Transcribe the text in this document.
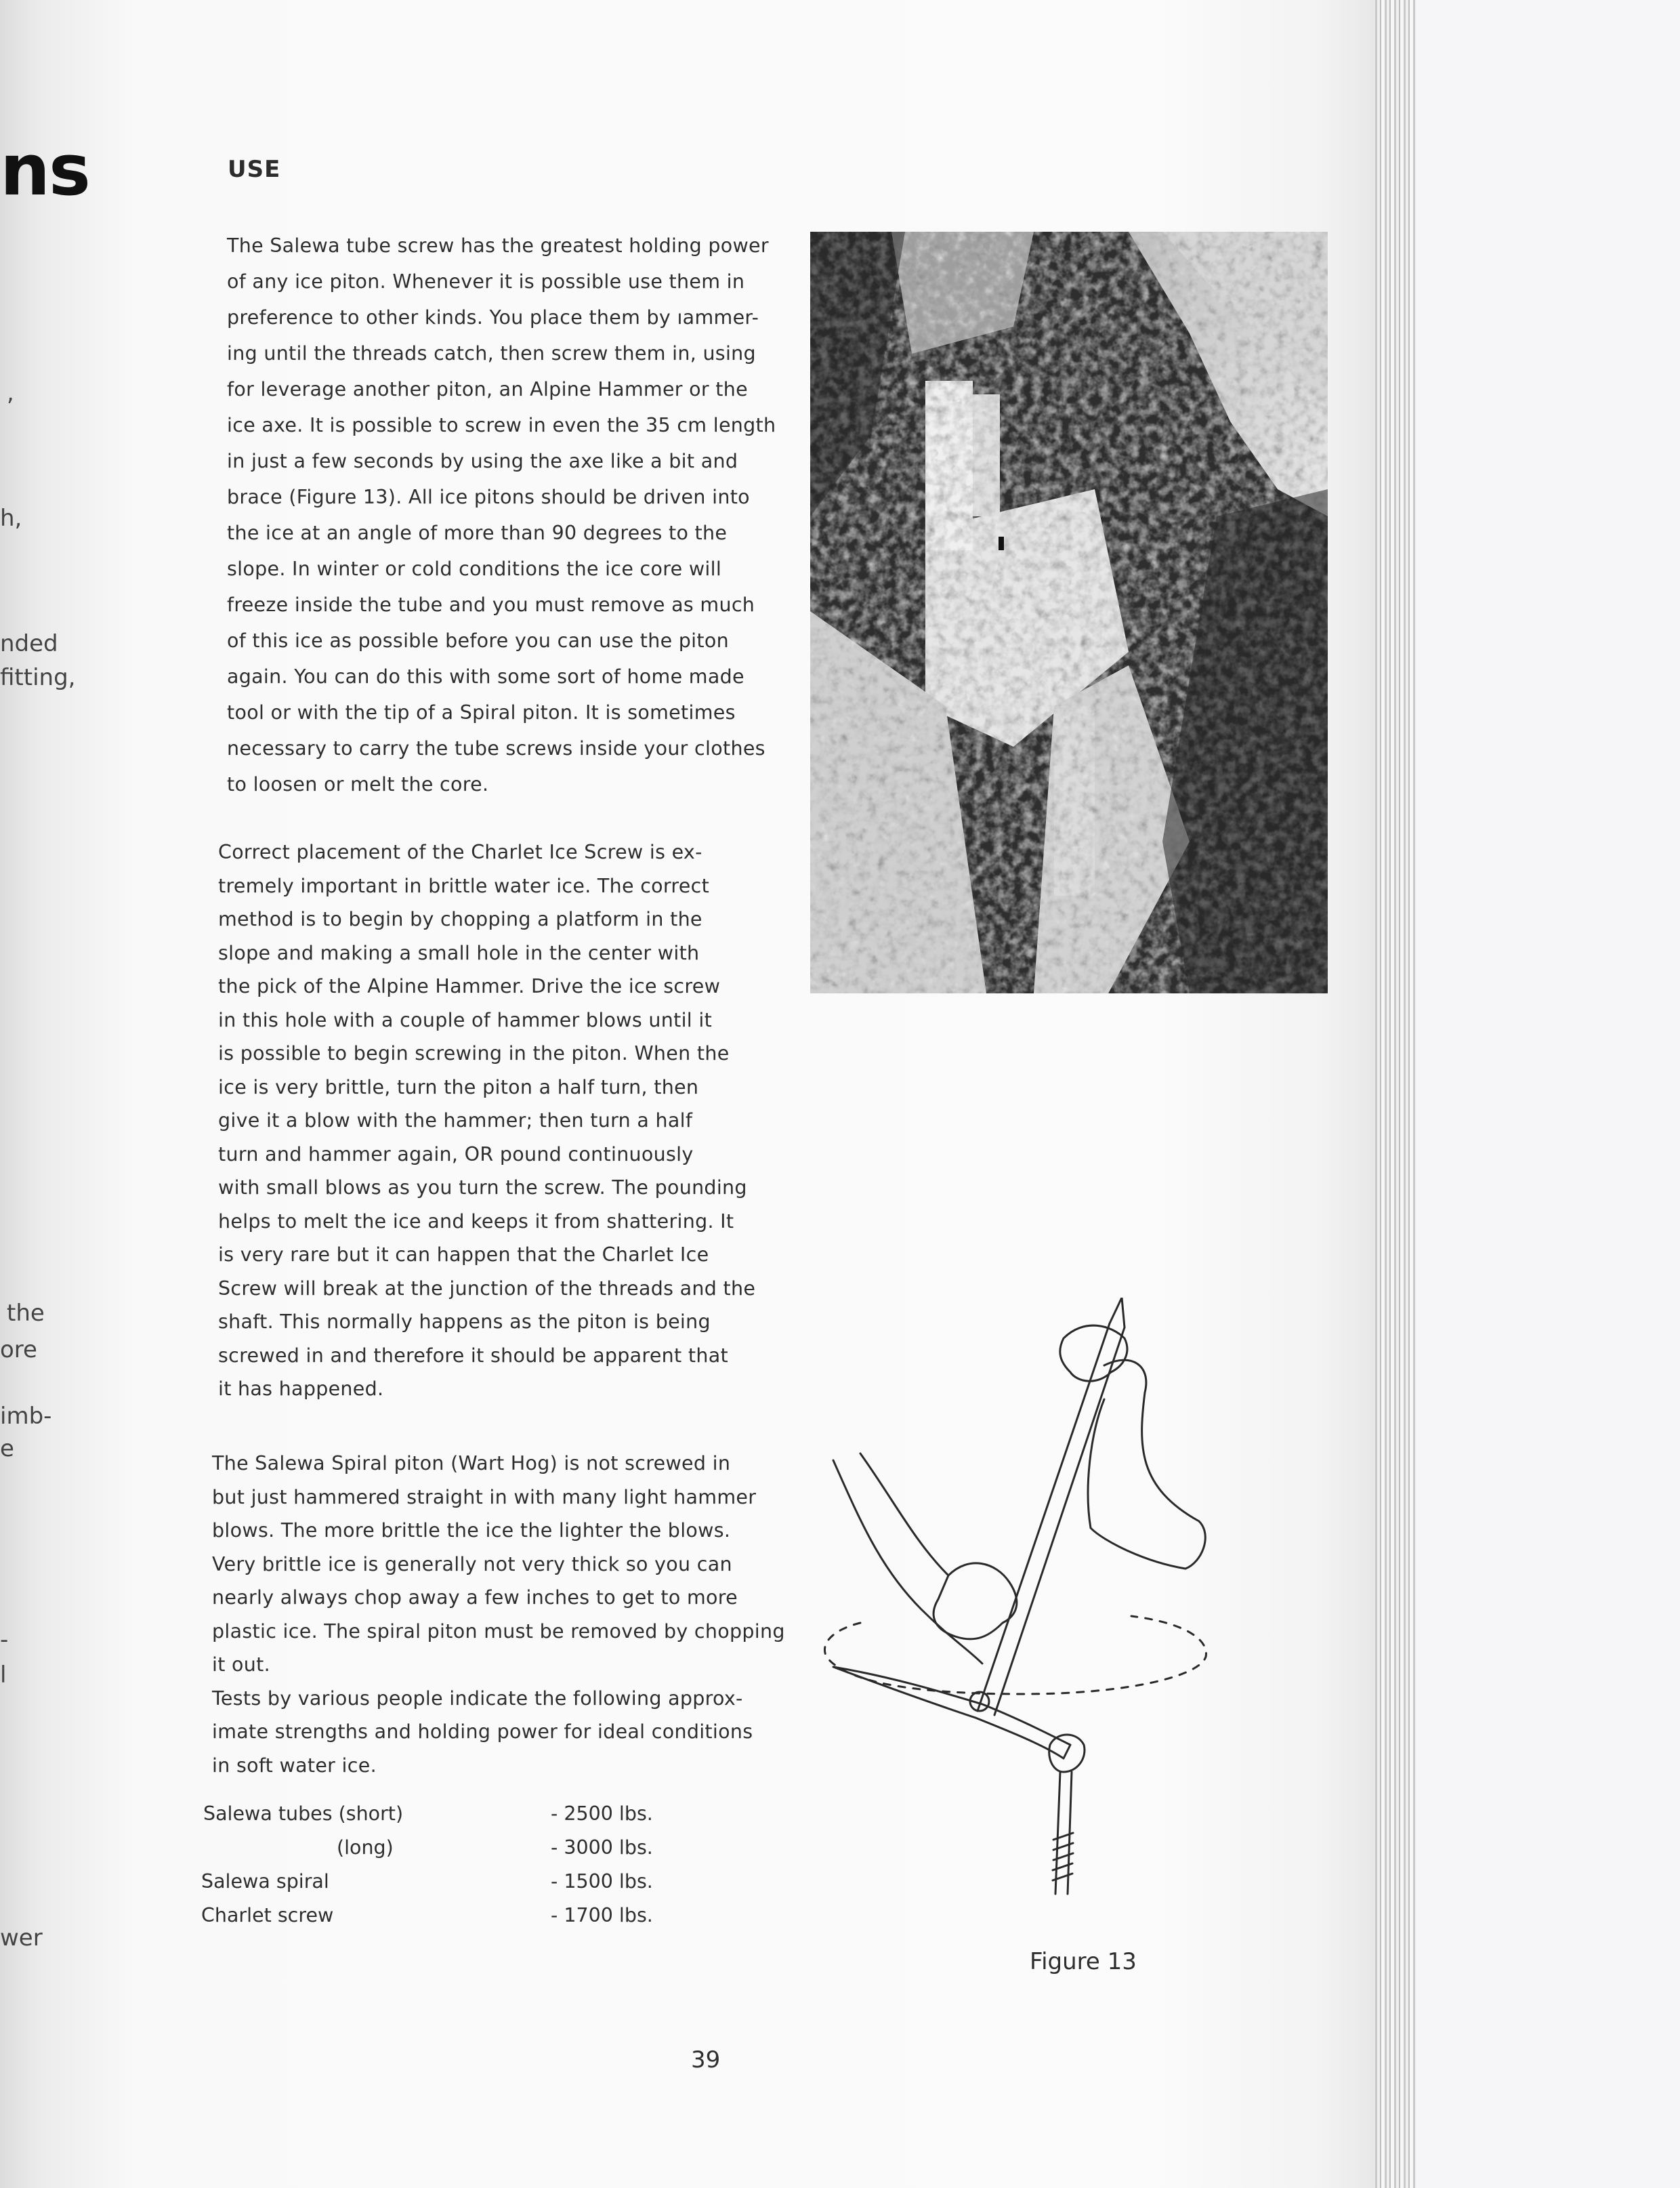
ns
,
h,
nded
fitting,
the
ore
imb-
e
-
l
wer
USE
The Salewa tube screw has the greatest holding power
of any ice piton. Whenever it is possible use them in
preference to other kinds. You place them by ıammer-
ing until the threads catch, then screw them in, using
for leverage another piton, an Alpine Hammer or the
ice axe. It is possible to screw in even the 35 cm length
in just a few seconds by using the axe like a bit and
brace (Figure 13). All ice pitons should be driven into
the ice at an angle of more than 90 degrees to the
slope. In winter or cold conditions the ice core will
freeze inside the tube and you must remove as much
of this ice as possible before you can use the piton
again. You can do this with some sort of home made
tool or with the tip of a Spiral piton. It is sometimes
necessary to carry the tube screws inside your clothes
to loosen or melt the core.
Correct placement of the Charlet Ice Screw is ex-
tremely important in brittle water ice. The correct
method is to begin by chopping a platform in the
slope and making a small hole in the center with
the pick of the Alpine Hammer. Drive the ice screw
in this hole with a couple of hammer blows until it
is possible to begin screwing in the piton. When the
ice is very brittle, turn the piton a half turn, then
give it a blow with the hammer; then turn a half
turn and hammer again, OR pound continuously
with small blows as you turn the screw. The pounding
helps to melt the ice and keeps it from shattering. It
is very rare but it can happen that the Charlet Ice
Screw will break at the junction of the threads and the
shaft. This normally happens as the piton is being
screwed in and therefore it should be apparent that
it has happened.
The Salewa Spiral piton (Wart Hog) is not screwed in
but just hammered straight in with many light hammer
blows. The more brittle the ice the lighter the blows.
Very brittle ice is generally not very thick so you can
nearly always chop away a few inches to get to more
plastic ice. The spiral piton must be removed by chopping
it out.
Tests by various people indicate the following approx-
imate strengths and holding power for ideal conditions
in soft water ice.
Salewa tubes (short)	- 2500 lbs.
(long)	- 3000 lbs.
Salewa spiral	- 1500 lbs.
Charlet screw	- 1700 lbs.
Figure 13
39
